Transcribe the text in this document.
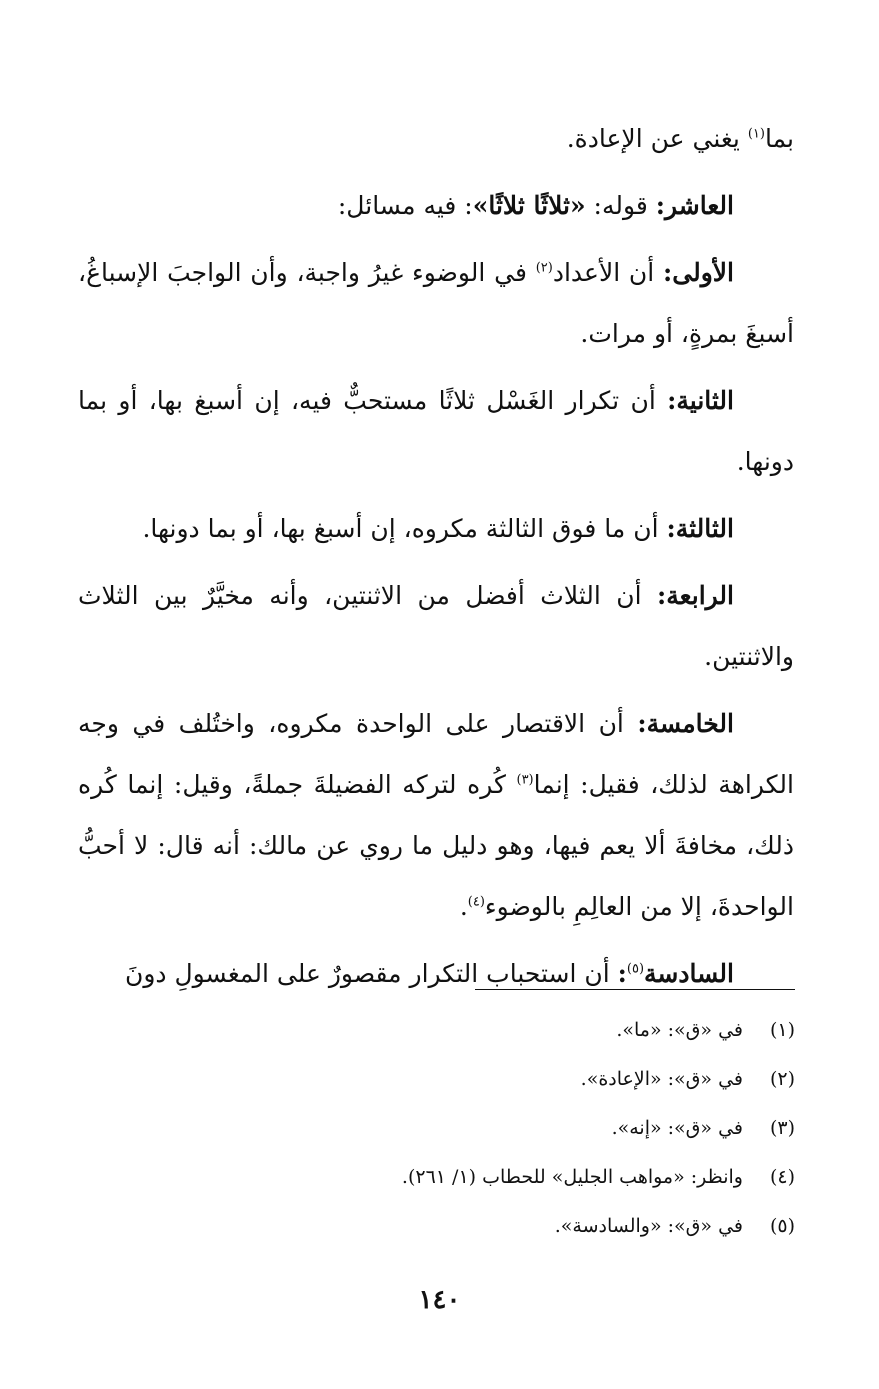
بما$^{(١)}$ يغني عن الإعادة.

العاشر: قوله: «ثلاثًا ثلاثًا»: فيه مسائل:

الأولى: أن الأعداد$^{(٢)}$ في الوضوء غيرُ واجبة، وأن الواجبَ الإسباغُ، أسبغَ بمرةٍ، أو مرات.

الثانية: أن تكرار الغَسْل ثلاثًا مستحبٌّ فيه، إن أسبغ بها، أو بما دونها.

الثالثة: أن ما فوق الثالثة مكروه، إن أسبغ بها، أو بما دونها.

الرابعة: أن الثلاث أفضل من الاثنتين، وأنه مخيَّرٌ بين الثلاث والاثنتين.

الخامسة: أن الاقتصار على الواحدة مكروه، واختُلف في وجه الكراهة لذلك، فقيل: إنما$^{(٣)}$ كُره لتركه الفضيلةَ جملةً، وقيل: إنما كُره ذلك، مخافةَ ألا يعم فيها، وهو دليل ما روي عن مالك: أنه قال: لا أحبُّ الواحدةَ، إلا من العالِمِ بالوضوء$^{(٤)}$.

السادسة$^{(٥)}$: أن استحباب التكرار مقصورٌ على المغسولِ دونَ

(١)
في «ق»: «ما».
(٢)
في «ق»: «الإعادة».
(٣)
في «ق»: «إنه».
(٤)
وانظر: «مواهب الجليل» للحطاب (١/ ٢٦١).
(٥)
في «ق»: «والسادسة».
١٤٠
